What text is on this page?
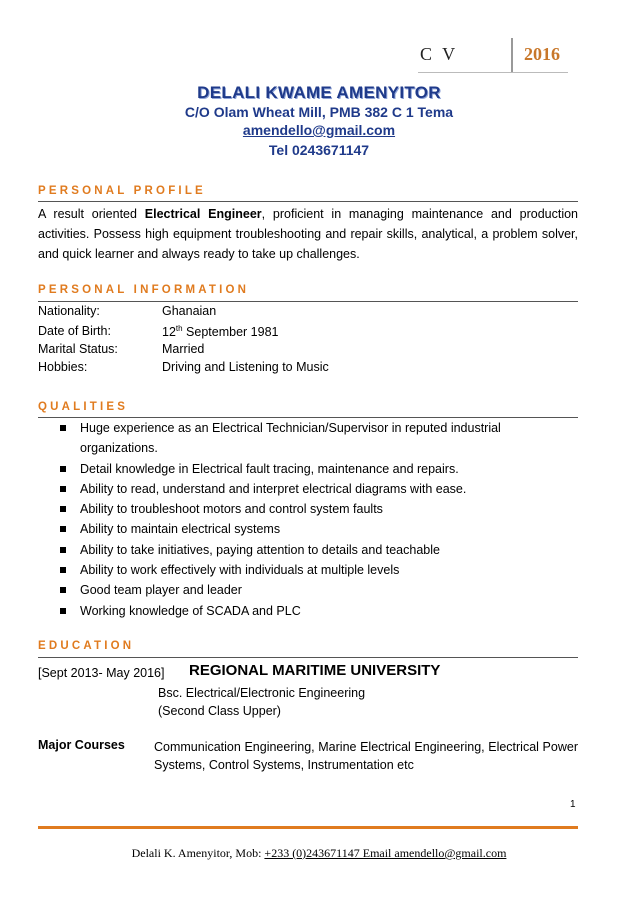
C V	2016
DELALI KWAME AMENYITOR
C/O Olam Wheat Mill, PMB 382 C 1 Tema
amendello@gmail.com
Tel 0243671147
PERSONAL PROFILE
A result oriented Electrical Engineer, proficient in managing maintenance and production activities. Possess high equipment troubleshooting and repair skills, analytical, a problem solver, and quick learner and always ready to take up challenges.
PERSONAL INFORMATION
Nationality:	Ghanaian
Date of Birth:	12th September 1981
Marital Status:	Married
Hobbies:	Driving and Listening to Music
QUALITIES
Huge experience as an Electrical Technician/Supervisor in reputed industrial organizations.
Detail knowledge in Electrical fault tracing, maintenance and repairs.
Ability to read, understand and interpret electrical diagrams with ease.
Ability to troubleshoot motors and control system faults
Ability to maintain electrical systems
Ability to take initiatives, paying attention to details and teachable
Ability to work effectively with individuals at multiple levels
Good team player and leader
Working knowledge of SCADA and PLC
EDUCATION
[Sept 2013- May 2016] REGIONAL MARITIME UNIVERSITY
Bsc. Electrical/Electronic Engineering
(Second Class Upper)
Major Courses Communication Engineering, Marine Electrical Engineering, Electrical Power Systems, Control Systems, Instrumentation etc
1
Delali K. Amenyitor, Mob: +233 (0)243671147 Email amendello@gmail.com
